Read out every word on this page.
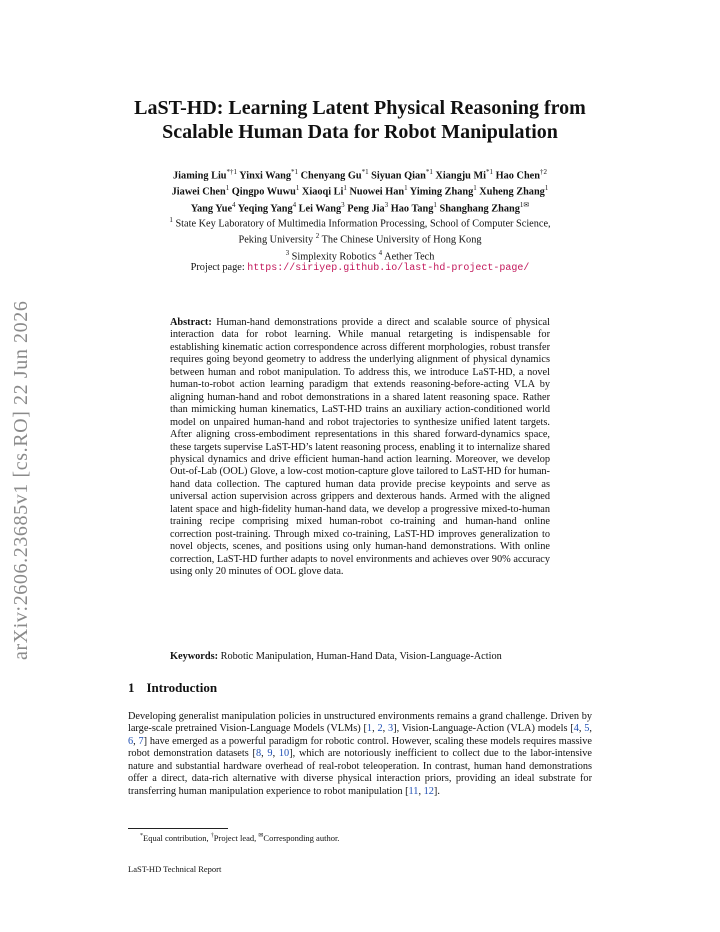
arXiv:2606.23685v1 [cs.RO] 22 Jun 2026
LaST-HD: Learning Latent Physical Reasoning from
Scalable Human Data for Robot Manipulation
Jiaming Liu$^{*\dagger 1}$ Yinxi Wang$^{*1}$ Chenyang Gu$^{*1}$ Siyuan Qian$^{*1}$ Xiangju Mi$^{*1}$ Hao Chen$^{\dagger 2}$
Jiawei Chen$^1$ Qingpo Wuwu$^1$ Xiaoqi Li$^1$ Nuowei Han$^1$ Yiming Zhang$^1$ Xuheng Zhang$^1$
Yang Yue$^4$ Yeqing Yang$^4$ Lei Wang$^3$ Peng Jia$^3$ Hao Tang$^1$ Shanghang Zhang$^{1✉}$
$^1$ State Key Laboratory of Multimedia Information Processing, School of Computer Science,
Peking University $^2$ The Chinese University of Hong Kong
$^3$ Simplexity Robotics $^4$ Aether Tech
Project page: https://siriyep.github.io/last-hd-project-page/
Abstract: Human-hand demonstrations provide a direct and scalable source of physical interaction data for robot learning. While manual retargeting is indispensable for establishing kinematic action correspondence across different morphologies, robust transfer requires going beyond geometry to address the underlying alignment of physical dynamics between human and robot manipulation. To address this, we introduce LaST-HD, a novel human-to-robot action learning paradigm that extends reasoning-before-acting VLA by aligning human-hand and robot demonstrations in a shared latent reasoning space. Rather than mimicking human kinematics, LaST-HD trains an auxiliary action-conditioned world model on unpaired human-hand and robot trajectories to synthesize unified latent targets. After aligning cross-embodiment representations in this shared forward-dynamics space, these targets supervise LaST-HD’s latent reasoning process, enabling it to internalize shared physical dynamics and drive efficient human-hand action learning. Moreover, we develop Out-of-Lab (OOL) Glove, a low-cost motion-capture glove tailored to LaST-HD for human-hand data collection. The captured human data provide precise keypoints and serve as universal action supervision across grippers and dexterous hands. Armed with the aligned latent space and high-fidelity human-hand data, we develop a progressive mixed-to-human training recipe comprising mixed human-robot co-training and human-hand online correction post-training. Through mixed co-training, LaST-HD improves generalization to novel objects, scenes, and positions using only human-hand demonstrations. With online correction, LaST-HD further adapts to novel environments and achieves over 90% accuracy using only 20 minutes of OOL glove data.
Keywords: Robotic Manipulation, Human-Hand Data, Vision-Language-Action
1 Introduction
Developing generalist manipulation policies in unstructured environments remains a grand challenge. Driven by large-scale pretrained Vision-Language Models (VLMs) [1, 2, 3], Vision-Language-Action (VLA) models [4, 5, 6, 7] have emerged as a powerful paradigm for robotic control. However, scaling these models requires massive robot demonstration datasets [8, 9, 10], which are notoriously inefficient to collect due to the labor-intensive nature and substantial hardware overhead of real-robot teleoperation. In contrast, human hand demonstrations offer a direct, data-rich alternative with diverse physical interaction priors, providing an ideal substrate for transferring human manipulation experience to robot manipulation [11, 12].
*Equal contribution, †Project lead, ✉Corresponding author.
LaST-HD Technical Report
